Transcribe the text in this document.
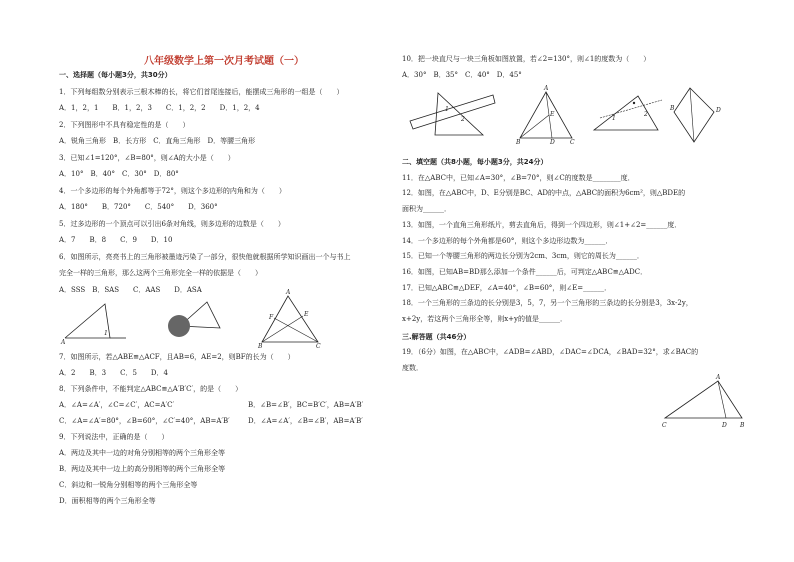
八年级数学上第一次月考试题（一）
B．∠B=∠B′，BC=B′C′，AB=A′B′
D．∠A=∠A′，∠B=∠B′，AB=A′B′
A
1
A
B	C
F	E
1
2
A
B	D	C
E
1
2
B	D
A
C	D B
一、选择题（每小题3分，共30分）
1．下列每组数分别表示三根木棒的长，将它们首尾连接后，能摆成三角形的一组是（　　）
A．1，2，1　　B．1，2，3　　C．1，2，2　　D．1，2，4
2．下列图形中不具有稳定性的是（　　）
A．锐角三角形　B．长方形　C．直角三角形　D．等腰三角形
3．已知∠1=120°，∠B=80°，则∠A的大小是（　　）
A．10°　B．40°　C．30°　D．80°
4．一个多边形的每个外角都等于72°，则这个多边形的内角和为（　　）
A．180°　　B．720°　　C．540°　　D．360°
5．过多边形的一个顶点可以引出6条对角线，则多边形的边数是（　　）
A．7　　B．8　　C．9　　D．10
6．如图所示，亮亮书上的三角形被墨迹污染了一部分，很快他就根据所学知识画出一个与书上
完全一样的三角形，那么这两个三角形完全一样的依据是（　　）
A．SSS　B．SAS　　C．AAS　　D．ASA
7．如图所示，若△ABE≌△ACF，且AB=6，AE=2，则BF的长为（　　）
A．2　　B．3　　C．5　　D．4
8．下列条件中，不能判定△ABC≌△A′B′C′，的是（　　）
A．∠A=∠A′，∠C=∠C′，AC=A′C′
C．∠A=∠A′=80°，∠B=60°，∠C′=40°，AB=A′B′
9．下列说法中，正确的是（　　）
A．两边及其中一边的对角分别相等的两个三角形全等
B．两边及其中一边上的高分别相等的两个三角形全等
C．斜边和一锐角分别相等的两个三角形全等
D．面积相等的两个三角形全等
10．把一块直尺与一块三角板如图放置，若∠2=130°，则∠1的度数为（　　）
A．30°　B．35°　C．40°　D．45°
二、填空题（共8小题，每小题3分，共24分）
11．在△ABC中，已知∠A=30°，∠B=70°，则∠C的度数是________度．
12．如图，在△ABC中，D、E分别是BC、AD的中点，△ABC的面积为6cm²，则△BDE的
面积为______．
13．如图，一个直角三角形纸片，剪去直角后，得到一个四边形，则∠1+∠2=______度．
14．一个多边形的每个外角都是60°，则这个多边形边数为______．
15．已知一个等腰三角形的两边长分别为2cm、3cm，则它的周长为______．
16．如图，已知AB=BD那么添加一个条件______后，可判定△ABC≌△ADC．
17．已知△ABC≌△DEF，∠A=40°，∠B=60°，则∠E=______．
18．一个三角形的三条边的长分别是3，5，7，另一个三角形的三条边的长分别是3，3x-2y，
x+2y，若这两个三角形全等，则x+y的值是______．
三.解答题（共46分）
19．（6分）如图，在△ABC中，∠ADB=∠ABD，∠DAC=∠DCA，∠BAD=32°，求∠BAC的
度数．
